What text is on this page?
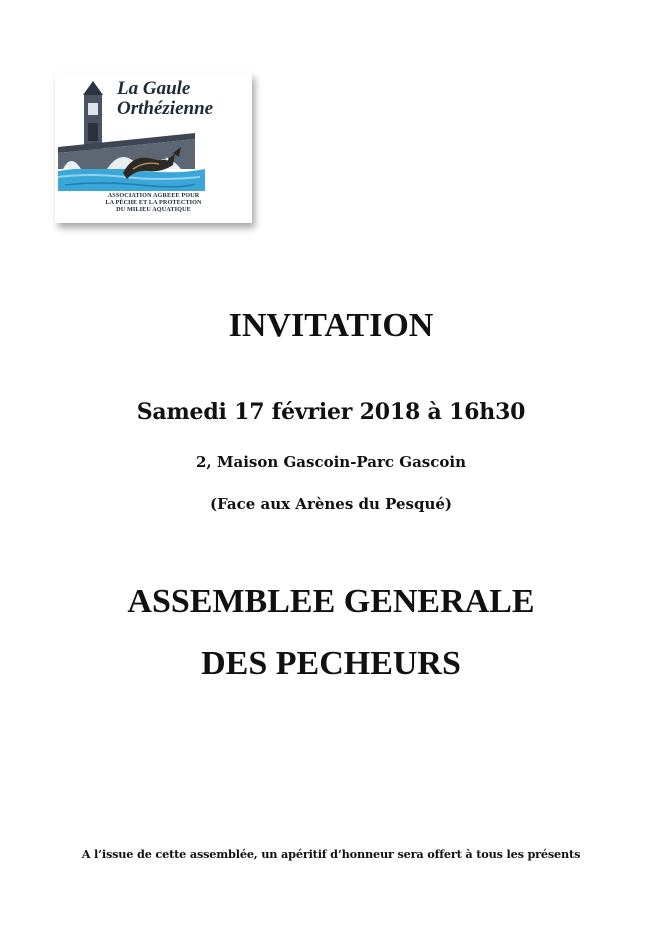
La Gaule
Orthézienne
ASSOCIATION AGREEE POUR
LA PÊCHE ET LA PROTECTION
DU MILIEU AQUATIQUE
INVITATION

Samedi 17 février 2018 à 16h30

2, Maison Gascoin-Parc Gascoin

(Face aux Arènes du Pesqué)

ASSEMBLEE GENERALE
DES PECHEURS

A l’issue de cette assemblée, un apéritif d’honneur sera offert à tous les présents
